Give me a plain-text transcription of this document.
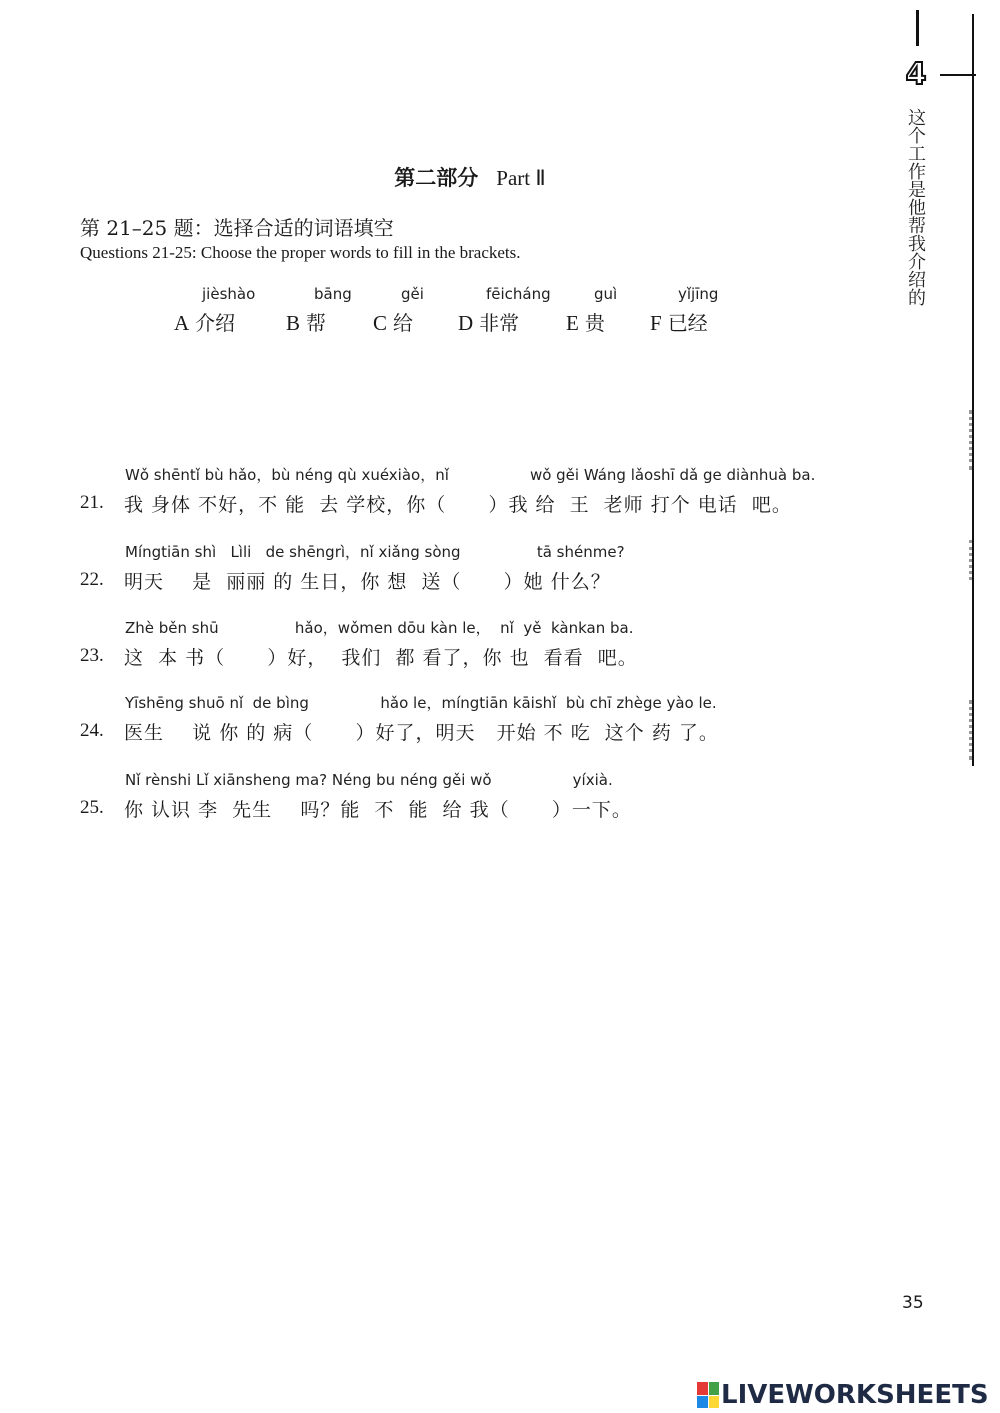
4
这个工作是他帮我介绍的
第二部分 Part Ⅱ
第 21–25 题：选择合适的词语填空
Questions 21-25: Choose the proper words to fill in the brackets.
jièshào
A 介绍
bāng
B 帮
gěi
C 给
fēicháng
D 非常
guì
E 贵
yǐjīng
F 已经
Wǒ shēntǐ bù hǎo，bù néng qù xuéxiào，nǐ                 wǒ gěi Wáng lǎoshī dǎ ge diànhuà ba.
21. 我 身体 不好，不 能  去 学校，你（      ）我 给  王  老师 打个 电话  吧。
Míngtiān shì   Lìli   de shēngrì，nǐ xiǎng sòng                tā shénme?
22. 明天    是  丽丽 的 生日，你 想  送（      ）她 什么？
Zhè běn shū                hǎo，wǒmen dōu kàn le，  nǐ  yě  kànkan ba.
23. 这  本 书（      ）好，  我们  都 看了，你 也  看看  吧。
Yīshēng shuō nǐ  de bìng               hǎo le，míngtiān kāishǐ  bù chī zhège yào le.
24. 医生    说 你 的 病（      ）好了，明天   开始 不 吃  这个 药 了。
Nǐ rènshi Lǐ xiānsheng ma? Néng bu néng gěi wǒ                 yíxià.
25. 你 认识 李  先生    吗？能  不  能  给 我（      ）一下。
35
LIVEWORKSHEETS
